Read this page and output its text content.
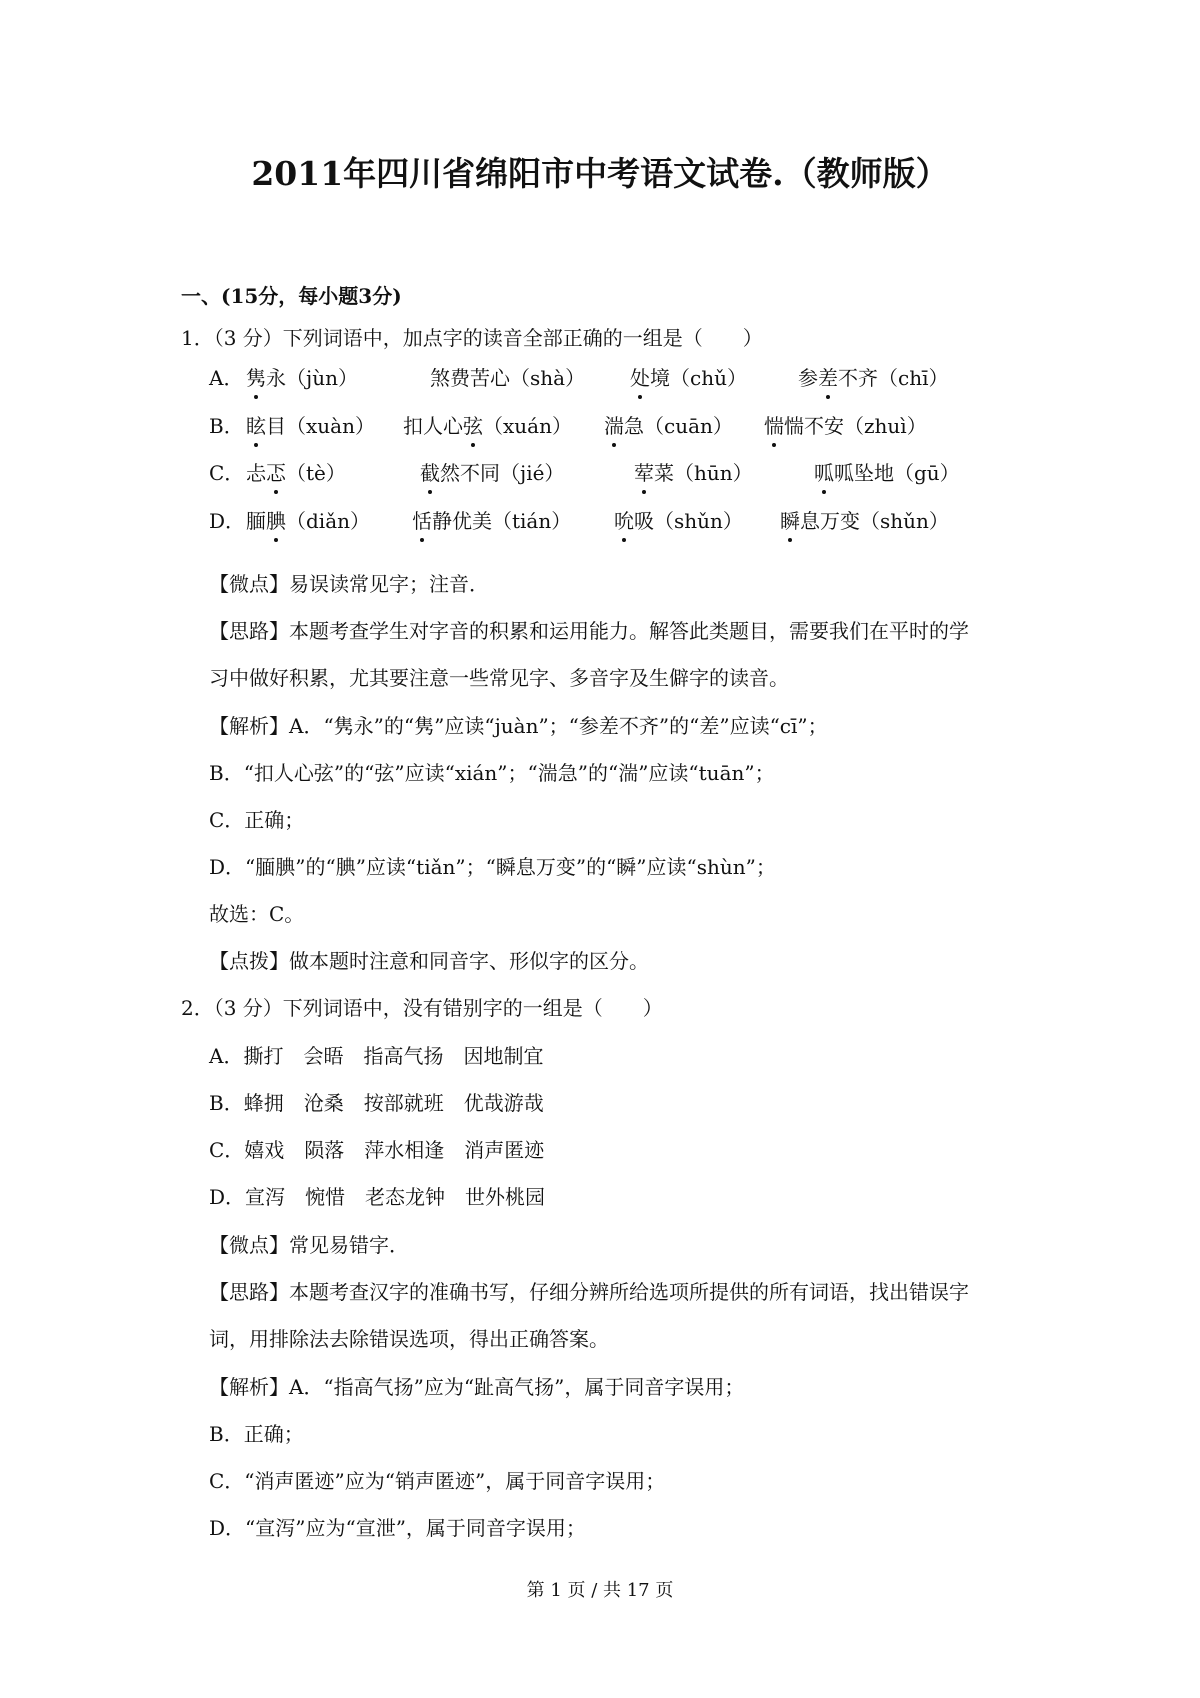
2011年四川省绵阳市中考语文试卷.（教师版）
一、(15分，每小题3分)
1．（3 分）下列词语中，加点字的读音全部正确的一组是（　　）
A． 隽永（jùn）	煞费苦心（shà） 处境（chǔ）	参差不齐（chī）
B． 眩目（xuàn） 扣人心弦（xuán） 湍急（cuān） 惴惴不安（zhuì）
C． 忐忑（tè）	截然不同（jié）	荤菜（hūn）	呱呱坠地（gū）
D． 腼腆（diǎn） 恬静优美（tián） 吮吸（shǔn） 瞬息万变（shǔn）
【微点】易误读常见字；注音．
【思路】本题考查学生对字音的积累和运用能力。解答此类题目，需要我们在平时的学
习中做好积累，尤其要注意一些常见字、多音字及生僻字的读音。
【解析】A．“隽永”的“隽”应读“juàn”；“参差不齐”的“差”应读“cī”；
B．“扣人心弦”的“弦”应读“xián”；“湍急”的“湍”应读“tuān”；
C．正确；
D．“腼腆”的“腆”应读“tiǎn”；“瞬息万变”的“瞬”应读“shùn”；
故选：C。
【点拨】做本题时注意和同音字、形似字的区分。
2．（3 分）下列词语中，没有错别字的一组是（　　）
A．撕打　会晤　指高气扬　因地制宜
B．蜂拥　沧桑　按部就班　优哉游哉
C．嬉戏　陨落　萍水相逢　消声匿迹
D．宣泻　惋惜　老态龙钟　世外桃园
【微点】常见易错字．
【思路】本题考查汉字的准确书写，仔细分辨所给选项所提供的所有词语，找出错误字
词，用排除法去除错误选项，得出正确答案。
【解析】A．“指高气扬”应为“趾高气扬”，属于同音字误用；
B．正确；
C．“消声匿迹”应为“销声匿迹”，属于同音字误用；
D．“宣泻”应为“宣泄”，属于同音字误用；
第 1 页 / 共 17 页
